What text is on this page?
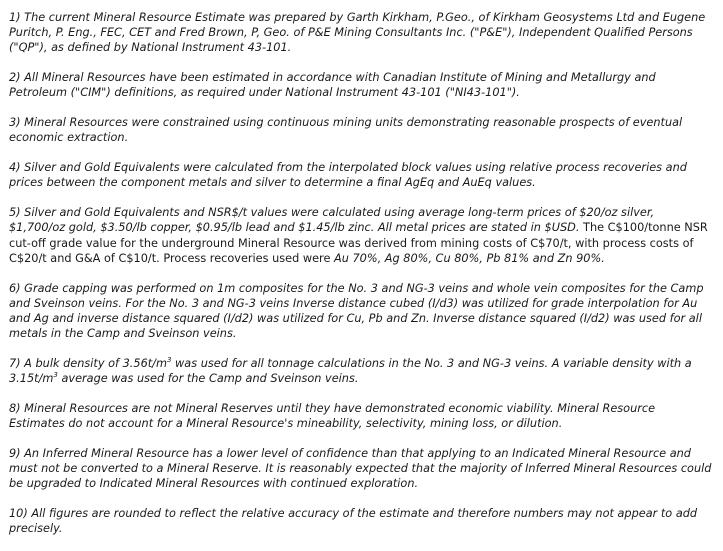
1) The current Mineral Resource Estimate was prepared by Garth Kirkham, P.Geo., of Kirkham Geosystems Ltd and Eugene Puritch, P. Eng., FEC, CET and Fred Brown, P, Geo. of P&E Mining Consultants Inc. ("P&E"), Independent Qualified Persons ("QP"), as defined by National Instrument 43-101.

2) All Mineral Resources have been estimated in accordance with Canadian Institute of Mining and Metallurgy and Petroleum ("CIM") definitions, as required under National Instrument 43-101 ("NI43-101").

3) Mineral Resources were constrained using continuous mining units demonstrating reasonable prospects of eventual economic extraction.

4) Silver and Gold Equivalents were calculated from the interpolated block values using relative process recoveries and prices between the component metals and silver to determine a final AgEq and AuEq values.

5) Silver and Gold Equivalents and NSR$/t values were calculated using average long-term prices of $20/oz silver, $1,700/oz gold, $3.50/lb copper, $0.95/lb lead and $1.45/lb zinc. All metal prices are stated in $USD. The C$100/tonne NSR cut-off grade value for the underground Mineral Resource was derived from mining costs of C$70/t, with process costs of C$20/t and G&A of C$10/t. Process recoveries used were Au 70%, Ag 80%, Cu 80%, Pb 81% and Zn 90%.

6) Grade capping was performed on 1m composites for the No. 3 and NG-3 veins and whole vein composites for the Camp and Sveinson veins. For the No. 3 and NG-3 veins Inverse distance cubed (I/d3) was utilized for grade interpolation for Au and Ag and inverse distance squared (I/d2) was utilized for Cu, Pb and Zn. Inverse distance squared (I/d2) was used for all metals in the Camp and Sveinson veins.

7) A bulk density of $3.56t/m^3$ was used for all tonnage calculations in the No. 3 and NG-3 veins. A variable density with a $3.15t/m^3$ average was used for the Camp and Sveinson veins.

8) Mineral Resources are not Mineral Reserves until they have demonstrated economic viability. Mineral Resource Estimates do not account for a Mineral Resource's mineability, selectivity, mining loss, or dilution.

9) An Inferred Mineral Resource has a lower level of confidence than that applying to an Indicated Mineral Resource and must not be converted to a Mineral Reserve. It is reasonably expected that the majority of Inferred Mineral Resources could be upgraded to Indicated Mineral Resources with continued exploration.

10) All figures are rounded to reflect the relative accuracy of the estimate and therefore numbers may not appear to add precisely.
